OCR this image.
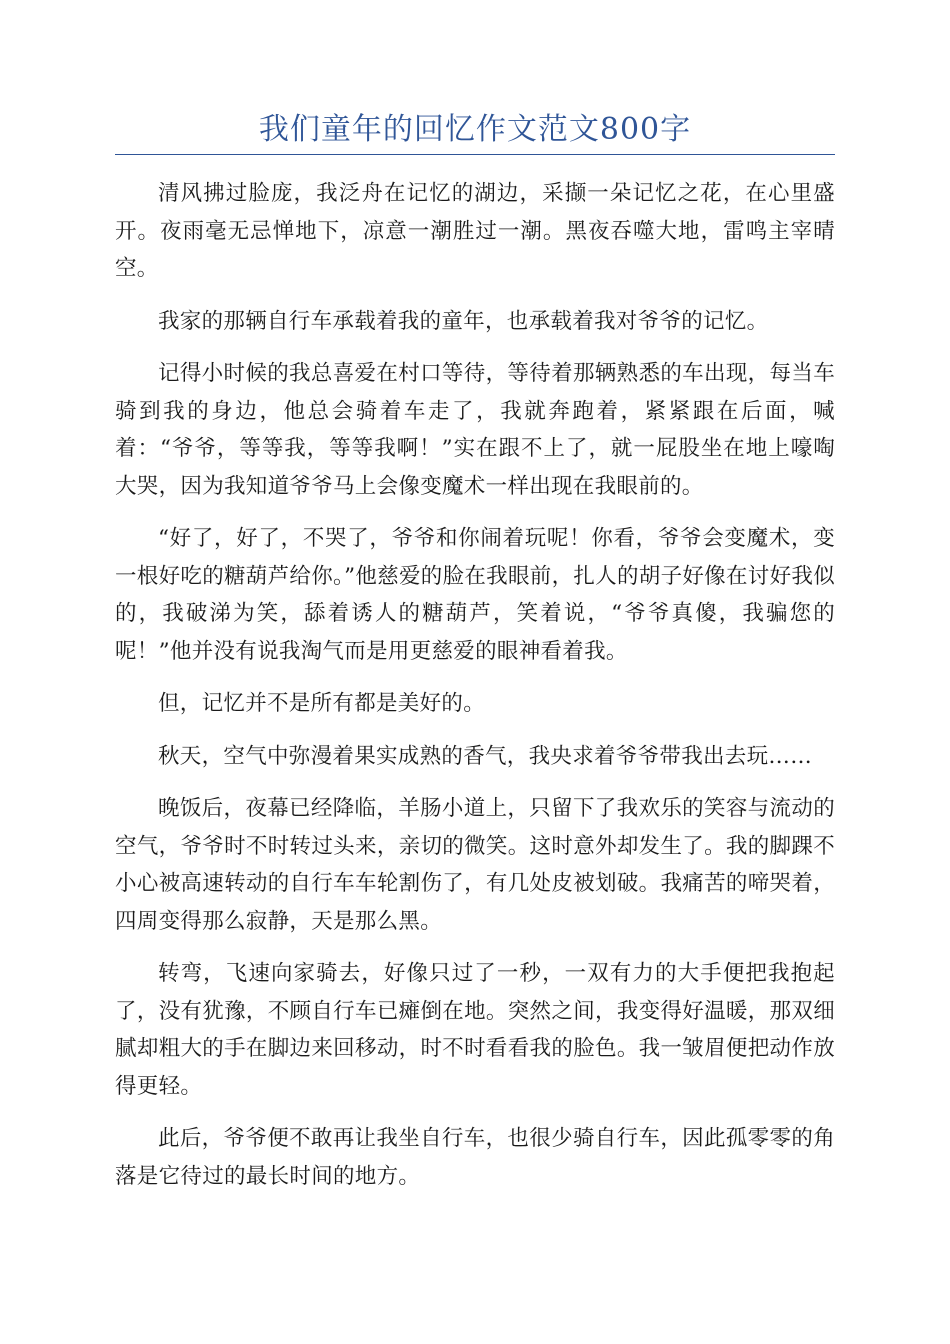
我们童年的回忆作文范文800字

清风拂过脸庞，我泛舟在记忆的湖边，采撷一朵记忆之花，在心里盛开。夜雨毫无忌惮地下，凉意一潮胜过一潮。黑夜吞噬大地，雷鸣主宰晴空。

我家的那辆自行车承载着我的童年，也承载着我对爷爷的记忆。

记得小时候的我总喜爱在村口等待，等待着那辆熟悉的车出现，每当车骑到我的身边，他总会骑着车走了，我就奔跑着，紧紧跟在后面，喊着：“爷爷，等等我，等等我啊！”实在跟不上了，就一屁股坐在地上嚎啕大哭，因为我知道爷爷马上会像变魔术一样出现在我眼前的。

“好了，好了，不哭了，爷爷和你闹着玩呢！你看，爷爷会变魔术，变一根好吃的糖葫芦给你。”他慈爱的脸在我眼前，扎人的胡子好像在讨好我似的，我破涕为笑，舔着诱人的糖葫芦，笑着说，“爷爷真傻，我骗您的呢！”他并没有说我淘气而是用更慈爱的眼神看着我。

但，记忆并不是所有都是美好的。

秋天，空气中弥漫着果实成熟的香气，我央求着爷爷带我出去玩……

晚饭后，夜幕已经降临，羊肠小道上，只留下了我欢乐的笑容与流动的空气，爷爷时不时转过头来，亲切的微笑。这时意外却发生了。我的脚踝不小心被高速转动的自行车车轮割伤了，有几处皮被划破。我痛苦的啼哭着，四周变得那么寂静，天是那么黑。

转弯，飞速向家骑去，好像只过了一秒，一双有力的大手便把我抱起了，没有犹豫，不顾自行车已瘫倒在地。突然之间，我变得好温暖，那双细腻却粗大的手在脚边来回移动，时不时看看我的脸色。我一皱眉便把动作放得更轻。

此后，爷爷便不敢再让我坐自行车，也很少骑自行车，因此孤零零的角落是它待过的最长时间的地方。
